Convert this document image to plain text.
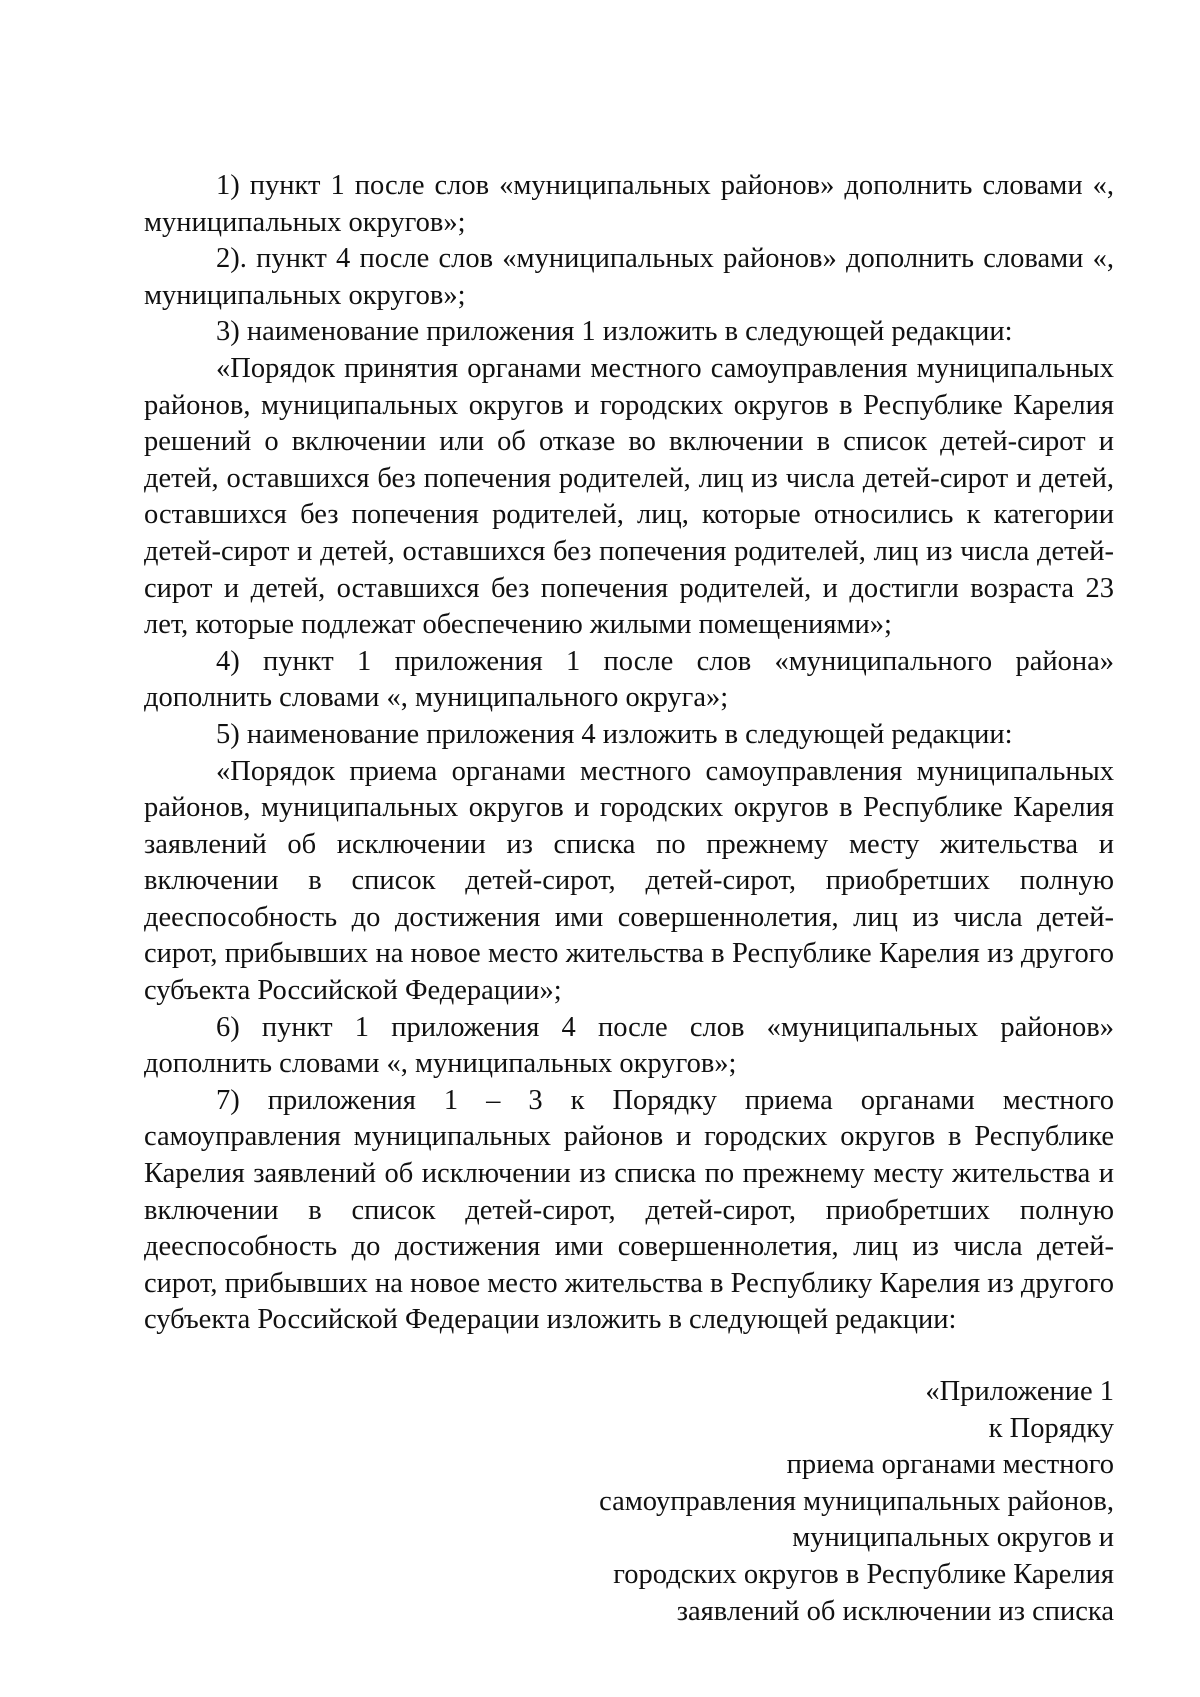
1) пункт 1 после слов «муниципальных районов» дополнить словами «, муниципальных округов»;

2). пункт 4 после слов «муниципальных районов» дополнить словами «, муниципальных округов»;

3) наименование приложения 1 изложить в следующей редакции:

«Порядок принятия органами местного самоуправления муниципальных районов, муниципальных округов и городских округов в Республике Карелия решений о включении или об отказе во включении в список детей-сирот и детей, оставшихся без попечения родителей, лиц из числа детей-сирот и детей, оставшихся без попечения родителей, лиц, которые относились к категории детей-сирот и детей, оставшихся без попечения родителей, лиц из числа детей-сирот и детей, оставшихся без попечения родителей, и достигли возраста 23 лет, которые подлежат обеспечению жилыми помещениями»;

4) пункт 1 приложения 1 после слов «муниципального района» дополнить словами «, муниципального округа»;

5) наименование приложения 4 изложить в следующей редакции:

«Порядок приема органами местного самоуправления муниципальных районов, муниципальных округов и городских округов в Республике Карелия заявлений об исключении из списка по прежнему месту жительства и включении в список детей-сирот, детей-сирот, приобретших полную дееспособность до достижения ими совершеннолетия, лиц из числа детей-сирот, прибывших на новое место жительства в Республике Карелия из другого субъекта Российской Федерации»;

6) пункт 1 приложения 4 после слов «муниципальных районов» дополнить словами «, муниципальных округов»;

7) приложения 1 – 3 к Порядку приема органами местного самоуправления муниципальных районов и городских округов в Республике Карелия заявлений об исключении из списка по прежнему месту жительства и включении в список детей-сирот, детей-сирот, приобретших полную дееспособность до достижения ими совершеннолетия, лиц из числа детей-сирот, прибывших на новое место жительства в Республику Карелия из другого субъекта Российской Федерации изложить в следующей редакции:

«Приложение 1
к Порядку
приема органами местного
самоуправления муниципальных районов,
муниципальных округов и
городских округов в Республике Карелия
заявлений об исключении из списка
